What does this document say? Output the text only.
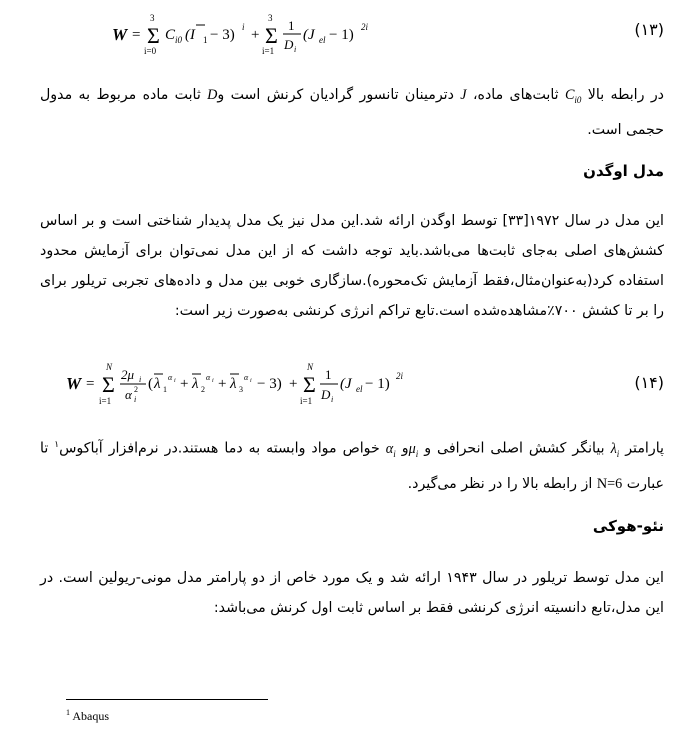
W =
3
Σ
i=0
C i0 (I 1 − 3) i +
3
Σ
i=1
1
D i
(J el − 1) 2i	(۱۳)
در رابطه بالا $C_{i0}$ ثابت‌های ماده، J دترمینان تانسور گرادیان کرنش است وD ثابت ماده مربوط به مدول حجمی است.
مدل اوگدن
این مدل در سال ۱۹۷۲[۳۳] توسط اوگدن ارائه شد.این مدل نیز یک مدل پدیدار شناختی است و بر اساس کشش‌های اصلی به‌جای ثابت‌ها می‌باشد.باید توجه داشت که از این مدل نمی‌توان برای آزمایش محدود استفاده کرد(به‌عنوان‌مثال،فقط آزمایش تک‌محوره).سازگاری خوبی بین مدل و داده‌های تجربی تریلور برای را بر تا کشش ۷۰۰٪مشاهده‌شده است.تابع تراکم انرژی کرنشی به‌صورت زیر است:
W =
N
Σ
i=1
2μ i
α 2
i
( λ 1
α i + λ 2
α i + λ 3
α i − 3) +
N
Σ
i=1
1
D i
(J el − 1) 2i	(۱۴)
پارامتر $\lambda_i$ بیانگر کشش اصلی انحرافی و $\mu_iو$ $\alpha_i$ خواص مواد وابسته به دما هستند.در نرم‌افزار آباکوس$^۱$ تا عبارت N=6 از رابطه بالا را در نظر می‌گیرد.
نئو-هوکی
این مدل توسط تریلور در سال ۱۹۴۳ ارائه شد و یک مورد خاص از دو پارامتر مدل مونی-ریولین است. در این مدل،تابع دانسیته انرژی کرنشی فقط بر اساس ثابت اول کرنش می‌باشد:
$^1$ Abaqus
